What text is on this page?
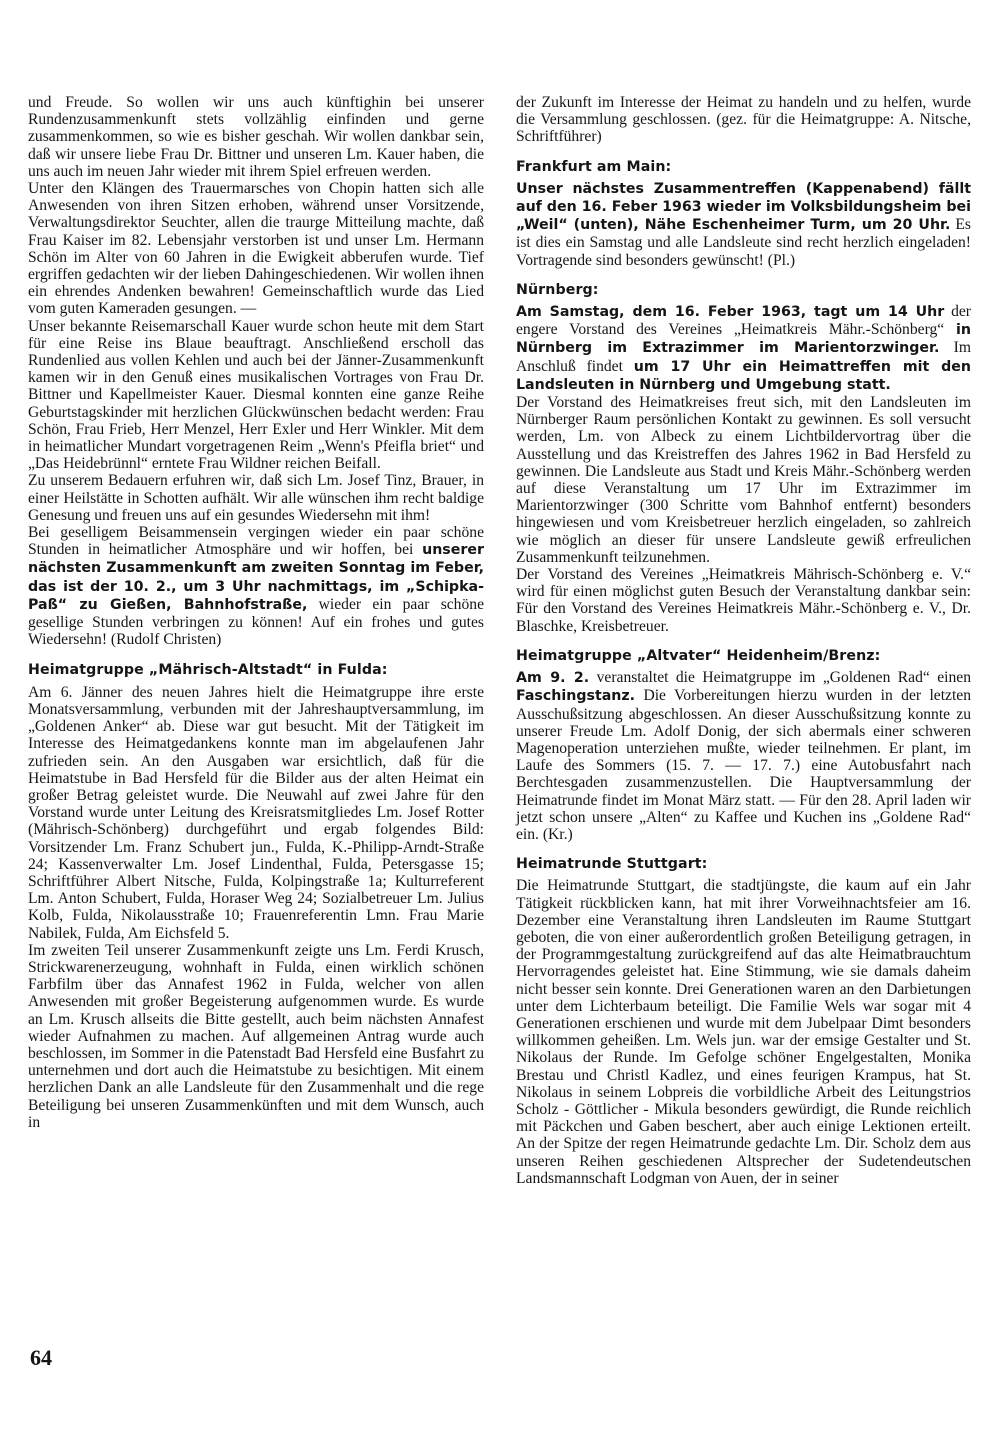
und Freude. So wollen wir uns auch künftighin bei unserer Rundenzusammenkunft stets vollzählig einfinden und gerne zusammenkommen, so wie es bisher geschah. Wir wollen dankbar sein, daß wir unsere liebe Frau Dr. Bittner und unseren Lm. Kauer haben, die uns auch im neuen Jahr wieder mit ihrem Spiel erfreuen werden.

Unter den Klängen des Trauermarsches von Chopin hatten sich alle Anwesenden von ihren Sitzen erhoben, während unser Vorsitzende, Verwaltungsdirektor Seuchter, allen die traurge Mitteilung machte, daß Frau Kaiser im 82. Lebensjahr verstorben ist und unser Lm. Hermann Schön im Alter von 60 Jahren in die Ewigkeit abberufen wurde. Tief ergriffen gedachten wir der lieben Dahingeschiedenen. Wir wollen ihnen ein ehrendes Andenken bewahren! Gemeinschaftlich wurde das Lied vom guten Kameraden gesungen. —

Unser bekannte Reisemarschall Kauer wurde schon heute mit dem Start für eine Reise ins Blaue beauftragt. Anschließend erscholl das Rundenlied aus vollen Kehlen und auch bei der Jänner-Zusammenkunft kamen wir in den Genuß eines musikalischen Vortrages von Frau Dr. Bittner und Kapellmeister Kauer. Diesmal konnten eine ganze Reihe Geburtstagskinder mit herzlichen Glückwünschen bedacht werden: Frau Schön, Frau Frieb, Herr Menzel, Herr Exler und Herr Winkler. Mit dem in heimatlicher Mundart vorgetragenen Reim „Wenn's Pfeifla briet“ und „Das Heidebrünnl“ erntete Frau Wildner reichen Beifall.

Zu unserem Bedauern erfuhren wir, daß sich Lm. Josef Tinz, Brauer, in einer Heilstätte in Schotten aufhält. Wir alle wünschen ihm recht baldige Genesung und freuen uns auf ein gesundes Wiedersehn mit ihm!

Bei geselligem Beisammensein vergingen wieder ein paar schöne Stunden in heimatlicher Atmosphäre und wir hoffen, bei unserer nächsten Zusammenkunft am zweiten Sonntag im Feber, das ist der 10. 2., um 3 Uhr nachmittags, im „Schipka-Paß“ zu Gießen, Bahnhofstraße, wieder ein paar schöne gesellige Stunden verbringen zu können! Auf ein frohes und gutes Wiedersehn! (Rudolf Christen)

Heimatgruppe „Mährisch-Altstadt“ in Fulda:

Am 6. Jänner des neuen Jahres hielt die Heimatgruppe ihre erste Monatsversammlung, verbunden mit der Jahreshauptversammlung, im „Goldenen Anker“ ab. Diese war gut besucht. Mit der Tätigkeit im Interesse des Heimatgedankens konnte man im abgelaufenen Jahr zufrieden sein. An den Ausgaben war ersichtlich, daß für die Heimatstube in Bad Hersfeld für die Bilder aus der alten Heimat ein großer Betrag geleistet wurde. Die Neuwahl auf zwei Jahre für den Vorstand wurde unter Leitung des Kreisratsmitgliedes Lm. Josef Rotter (Mährisch-Schönberg) durchgeführt und ergab folgendes Bild: Vorsitzender Lm. Franz Schubert jun., Fulda, K.-Philipp-Arndt-Straße 24; Kassenverwalter Lm. Josef Lindenthal, Fulda, Petersgasse 15; Schriftführer Albert Nitsche, Fulda, Kolpingstraße 1a; Kulturreferent Lm. Anton Schubert, Fulda, Horaser Weg 24; Sozialbetreuer Lm. Julius Kolb, Fulda, Nikolausstraße 10; Frauenreferentin Lmn. Frau Marie Nabilek, Fulda, Am Eichsfeld 5.

Im zweiten Teil unserer Zusammenkunft zeigte uns Lm. Ferdi Krusch, Strickwarenerzeugung, wohnhaft in Fulda, einen wirklich schönen Farbfilm über das Annafest 1962 in Fulda, welcher von allen Anwesenden mit großer Begeisterung aufgenommen wurde. Es wurde an Lm. Krusch allseits die Bitte gestellt, auch beim nächsten Annafest wieder Aufnahmen zu machen. Auf allgemeinen Antrag wurde auch beschlossen, im Sommer in die Patenstadt Bad Hersfeld eine Busfahrt zu unternehmen und dort auch die Heimatstube zu besichtigen. Mit einem herzlichen Dank an alle Landsleute für den Zusammenhalt und die rege Beteiligung bei unseren Zusammenkünften und mit dem Wunsch, auch in

der Zukunft im Interesse der Heimat zu handeln und zu helfen, wurde die Versammlung geschlossen. (gez. für die Heimatgruppe: A. Nitsche, Schriftführer)

Frankfurt am Main:

Unser nächstes Zusammentreffen (Kappenabend) fällt auf den 16. Feber 1963 wieder im Volksbildungsheim bei „Weil“ (unten), Nähe Eschenheimer Turm, um 20 Uhr. Es ist dies ein Samstag und alle Landsleute sind recht herzlich eingeladen! Vortragende sind besonders gewünscht! (Pl.)

Nürnberg:

Am Samstag, dem 16. Feber 1963, tagt um 14 Uhr der engere Vorstand des Vereines „Heimatkreis Mähr.-Schönberg“ in Nürnberg im Extrazimmer im Marientorzwinger. Im Anschluß findet um 17 Uhr ein Heimattreffen mit den Landsleuten in Nürnberg und Umgebung statt.

Der Vorstand des Heimatkreises freut sich, mit den Landsleuten im Nürnberger Raum persönlichen Kontakt zu gewinnen. Es soll versucht werden, Lm. von Albeck zu einem Lichtbildervortrag über die Ausstellung und das Kreistreffen des Jahres 1962 in Bad Hersfeld zu gewinnen. Die Landsleute aus Stadt und Kreis Mähr.-Schönberg werden auf diese Veranstaltung um 17 Uhr im Extrazimmer im Marientorzwinger (300 Schritte vom Bahnhof entfernt) besonders hingewiesen und vom Kreisbetreuer herzlich eingeladen, so zahlreich wie möglich an dieser für unsere Landsleute gewiß erfreulichen Zusammenkunft teilzunehmen.

Der Vorstand des Vereines „Heimatkreis Mährisch-Schönberg e. V.“ wird für einen möglichst guten Besuch der Veranstaltung dankbar sein: Für den Vorstand des Vereines Heimatkreis Mähr.-Schönberg e. V., Dr. Blaschke, Kreisbetreuer.

Heimatgruppe „Altvater“ Heidenheim/Brenz:

Am 9. 2. veranstaltet die Heimatgruppe im „Goldenen Rad“ einen Faschingstanz. Die Vorbereitungen hierzu wurden in der letzten Ausschußsitzung abgeschlossen. An dieser Ausschußsitzung konnte zu unserer Freude Lm. Adolf Donig, der sich abermals einer schweren Magenoperation unterziehen mußte, wieder teilnehmen. Er plant, im Laufe des Sommers (15. 7. — 17. 7.) eine Autobusfahrt nach Berchtesgaden zusammenzustellen. Die Hauptversammlung der Heimatrunde findet im Monat März statt. — Für den 28. April laden wir jetzt schon unsere „Alten“ zu Kaffee und Kuchen ins „Goldene Rad“ ein. (Kr.)

Heimatrunde Stuttgart:

Die Heimatrunde Stuttgart, die stadtjüngste, die kaum auf ein Jahr Tätigkeit rückblicken kann, hat mit ihrer Vorweihnachtsfeier am 16. Dezember eine Veranstaltung ihren Landsleuten im Raume Stuttgart geboten, die von einer außerordentlich großen Beteiligung getragen, in der Programmgestaltung zurückgreifend auf das alte Heimatbrauchtum Hervorragendes geleistet hat. Eine Stimmung, wie sie damals daheim nicht besser sein konnte. Drei Generationen waren an den Darbietungen unter dem Lichterbaum beteiligt. Die Familie Wels war sogar mit 4 Generationen erschienen und wurde mit dem Jubelpaar Dimt besonders willkommen geheißen. Lm. Wels jun. war der emsige Gestalter und St. Nikolaus der Runde. Im Gefolge schöner Engelgestalten, Monika Brestau und Christl Kadlez, und eines feurigen Krampus, hat St. Nikolaus in seinem Lobpreis die vorbildliche Arbeit des Leitungstrios Scholz - Göttlicher - Mikula besonders gewürdigt, die Runde reichlich mit Päckchen und Gaben beschert, aber auch einige Lektionen erteilt. An der Spitze der regen Heimatrunde gedachte Lm. Dir. Scholz dem aus unseren Reihen geschiedenen Altsprecher der Sudetendeutschen Landsmannschaft Lodgman von Auen, der in seiner

64
